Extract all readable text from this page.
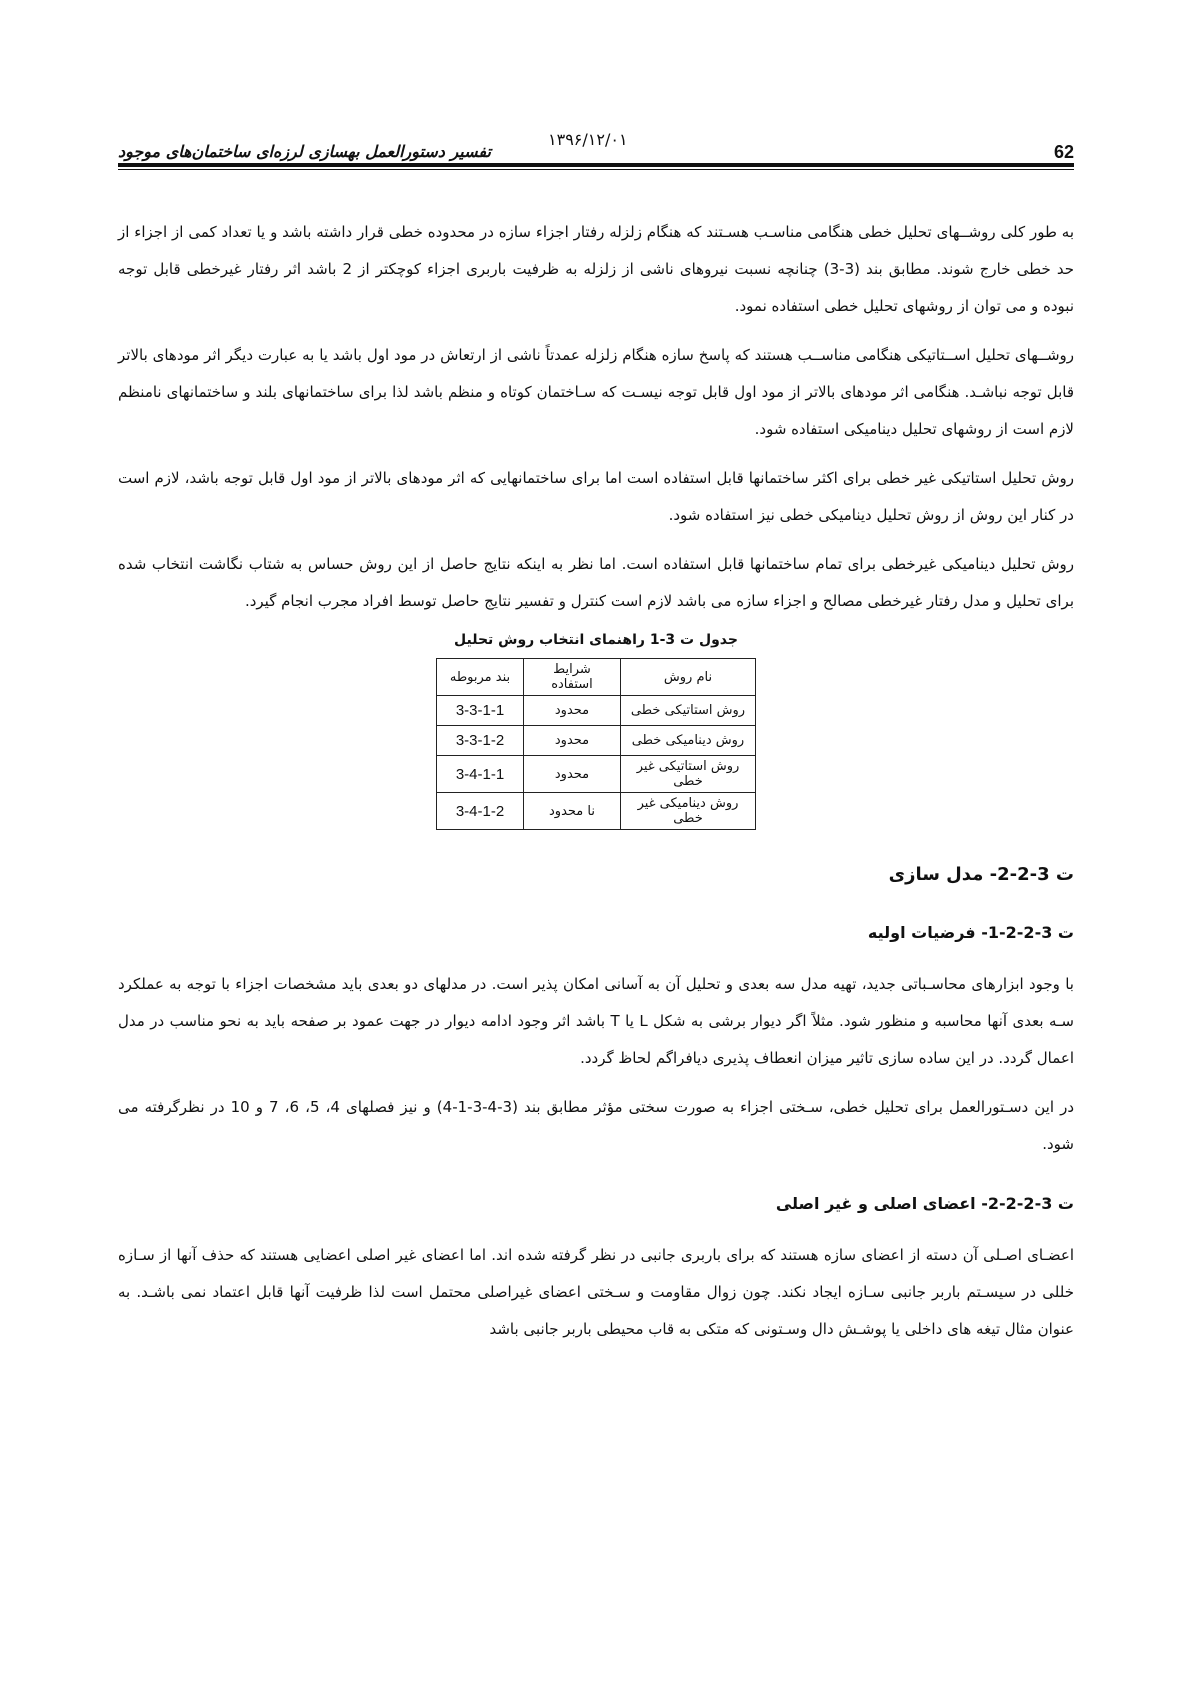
62
۱۳۹۶/۱۲/۰۱
تفسیر دستورالعمل بهسازی لرزه‌ای ساختمان‌های موجود

به طور کلی روشــهای تحلیل خطی هنگامی مناسـب هسـتند که هنگام زلزله رفتار اجزاء سازه در محدوده خطی قرار داشته باشد و یا تعداد کمی از اجزاء از حد خطی خارج شوند. مطابق بند (3-3) چنانچه نسبت نیروهای ناشی از زلزله به ظرفیت باربری اجزاء کوچکتر از 2 باشد اثر رفتار غیرخطی قابل توجه نبوده و می توان از روشهای تحلیل خطی استفاده نمود.

روشــهای تحلیل اســتاتیکی هنگامی مناســب هستند که پاسخ سازه هنگام زلزله عمدتاً ناشی از ارتعاش در مود اول باشد یا به عبارت دیگر اثر مودهای بالاتر قابل توجه نباشـد. هنگامی اثر مودهای بالاتر از مود اول قابل توجه نیسـت که سـاختمان کوتاه و منظم باشد لذا برای ساختمانهای بلند و ساختمانهای نامنظم لازم است از روشهای تحلیل دینامیکی استفاده شود.

روش تحلیل استاتیکی غیر خطی برای اکثر ساختمانها قابل استفاده است اما برای ساختمانهایی که اثر مودهای بالاتر از مود اول قابل توجه باشد، لازم است در کنار این روش از روش تحلیل دینامیکی خطی نیز استفاده شود.

روش تحلیل دینامیکی غیرخطی برای تمام ساختمانها قابل استفاده است. اما نظر به اینکه نتایج حاصل از این روش حساس به شتاب نگاشت انتخاب شده برای تحلیل و مدل رفتار غیرخطی مصالح و اجزاء سازه می باشد لازم است کنترل و تفسیر نتایج حاصل توسط افراد مجرب انجام گیرد.

جدول ت 3-1 راهنمای انتخاب روش تحلیل
نام روش	شرایط استفاده	بند مربوطه
روش استاتیکی خطی	محدود	3-3-1-1
روش دینامیکی خطی	محدود	3-3-1-2
روش استاتیکی غیر خطی	محدود	3-4-1-1
روش دینامیکی غیر خطی	نا محدود	3-4-1-2
ت 3-2-2- مدل سازی
ت 3-2-2-1- فرضیات اولیه

با وجود ابزارهای محاسـباتی جدید، تهیه مدل سه بعدی و تحلیل آن به آسانی امکان پذیر است. در مدلهای دو بعدی باید مشخصات اجزاء با توجه به عملکرد سـه بعدی آنها محاسبه و منظور شود. مثلاً اگر دیوار برشی به شکل L یا T باشد اثر وجود ادامه دیوار در جهت عمود بر صفحه باید به نحو مناسب در مدل اعمال گردد. در این ساده سازی تاثیر میزان انعطاف پذیری دیافراگم لحاظ گردد.

در این دسـتورالعمل برای تحلیل خطی، سـختی اجزاء به صورت سختی مؤثر مطابق بند (3-4-3-1-4) و نیز فصلهای 4، 5، 6، 7 و 10 در نظرگرفته می شود.

ت 3-2-2-2- اعضای اصلی و غیر اصلی

اعضـای اصـلی آن دسته از اعضای سازه هستند که برای باربری جانبی در نظر گرفته شده اند. اما اعضای غیر اصلی اعضایی هستند که حذف آنها از سـازه خللی در سیسـتم باربر جانبی سـازه ایجاد نکند. چون زوال مقاومت و سـختی اعضای غیراصلی محتمل است لذا ظرفیت آنها قابل اعتماد نمی باشـد. به عنوان مثال تیغه های داخلی یا پوشـش دال وسـتونی که متکی به قاب محیطی باربر جانبی باشد
